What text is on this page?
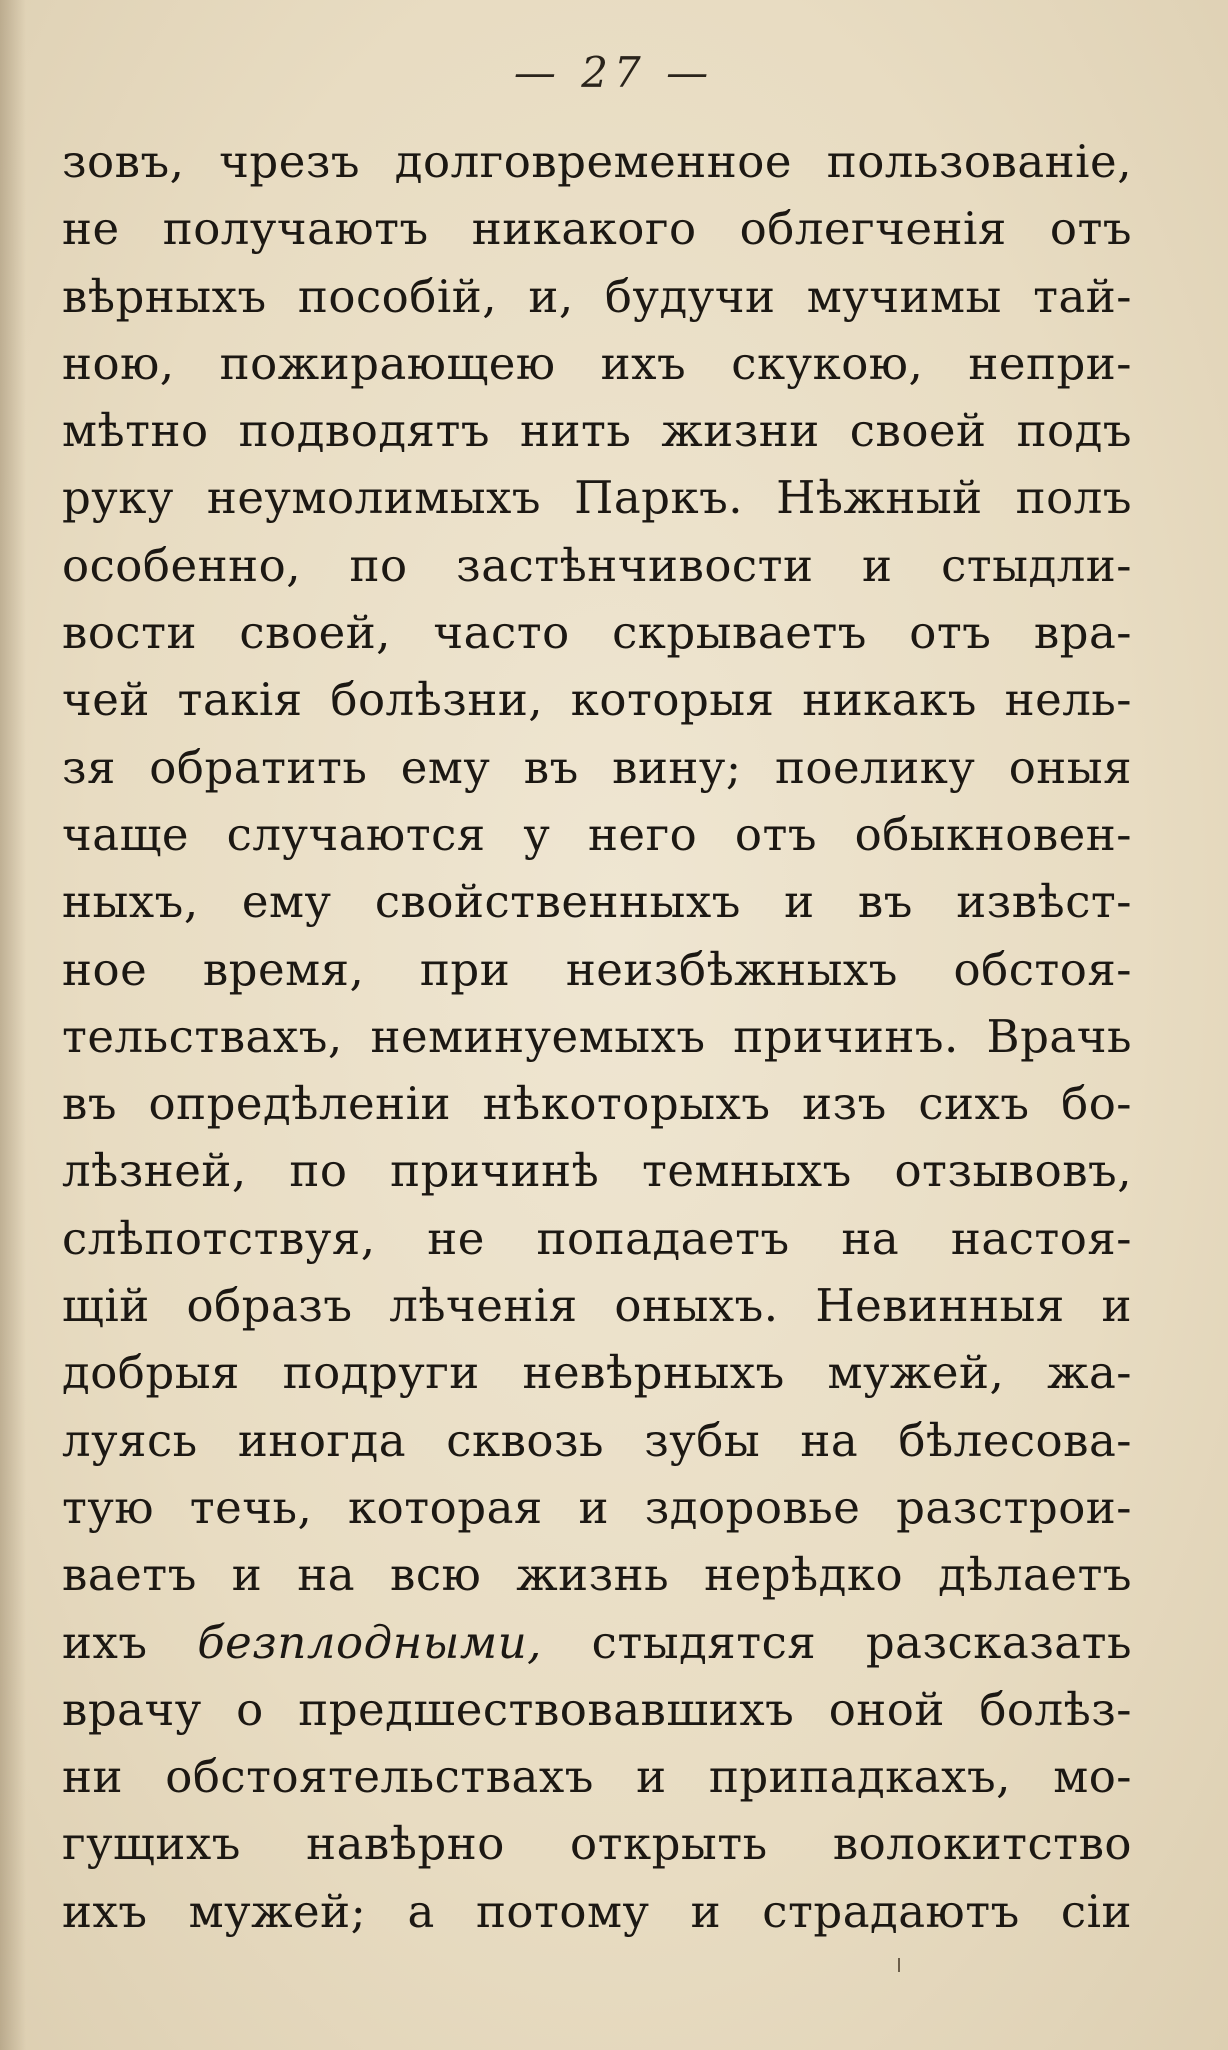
— 27 —
зовъ, чрезъ долговременное пользованіе,
не получаютъ никакого облегченія отъ
вѣрныхъ пособій, и, будучи мучимы тай-
ною, пожирающею ихъ скукою, непри-
мѣтно подводятъ нить жизни своей подъ
руку неумолимыхъ Паркъ. Нѣжный полъ
особенно, по застѣнчивости и стыдли-
вости своей, часто скрываетъ отъ вра-
чей такія болѣзни, которыя никакъ нель-
зя обратить ему въ вину; поелику оныя
чаще случаются у него отъ обыкновен-
ныхъ, ему свойственныхъ и въ извѣст-
ное время, при неизбѣжныхъ обстоя-
тельствахъ, неминуемыхъ причинъ. Врачь
въ опредѣленіи нѣкоторыхъ изъ сихъ бо-
лѣзней, по причинѣ темныхъ отзывовъ,
слѣпотствуя, не попадаетъ на настоя-
щій образъ лѣченія оныхъ. Невинныя и
добрыя подруги невѣрныхъ мужей, жа-
луясь иногда сквозь зубы на бѣлесова-
тую течь, которая и здоровье разстрои-
ваетъ и на всю жизнь нерѣдко дѣлаетъ
ихъ безплодными, стыдятся разсказать
врачу о предшествовавшихъ оной болѣз-
ни обстоятельствахъ и припадкахъ, мо-
гущихъ навѣрно открыть волокитство
ихъ мужей; а потому и страдаютъ сіи
